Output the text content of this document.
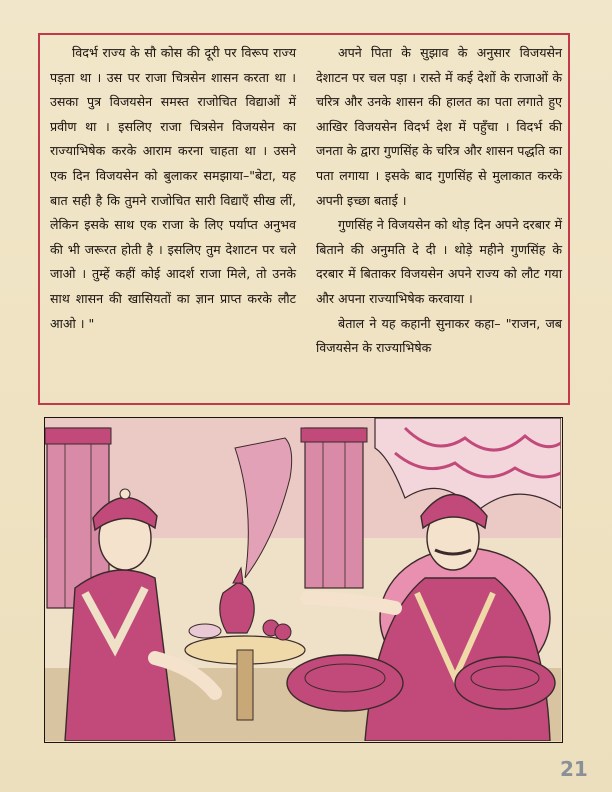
विदर्भ राज्य के सौ कोस की दूरी पर विरूप राज्य पड़ता था । उस पर राजा चित्रसेन शासन करता था । उसका पुत्र विजयसेन समस्त राजोचित विद्याओं में प्रवीण था । इसलिए राजा चित्रसेन विजयसेन का राज्याभिषेक करके आराम करना चाहता था । उसने एक दिन विजयसेन को बुलाकर समझाया–"बेटा, यह बात सही है कि तुमने राजोचित सारी विद्याएँ सीख लीं, लेकिन इसके साथ एक राजा के लिए पर्याप्त अनुभव की भी जरूरत होती है । इसलिए तुम देशाटन पर चले जाओ । तुम्हें कहीं कोई आदर्श राजा मिले, तो उनके साथ शासन की खासियतों का ज्ञान प्राप्त करके लौट आओ । "

अपने पिता के सुझाव के अनुसार विजयसेन देशाटन पर चल पड़ा । रास्ते में कई देशों के राजाओं के चरित्र और उनके शासन की हालत का पता लगाते हुए आखिर विजयसेन विदर्भ देश में पहुँचा । विदर्भ की जनता के द्वारा गुणसिंह के चरित्र और शासन पद्धति का पता लगाया । इसके बाद गुणसिंह से मुलाकात करके अपनी इच्छा बताई ।

गुणसिंह ने विजयसेन को थोड़ दिन अपने दरबार में बिताने की अनुमति दे दी । थोड़े महीने गुणसिंह के दरबार में बिताकर विजयसेन अपने राज्य को लौट गया और अपना राज्याभिषेक करवाया ।

बेताल ने यह कहानी सुनाकर कहा– "राजन, जब विजयसेन के राज्याभिषेक

21
